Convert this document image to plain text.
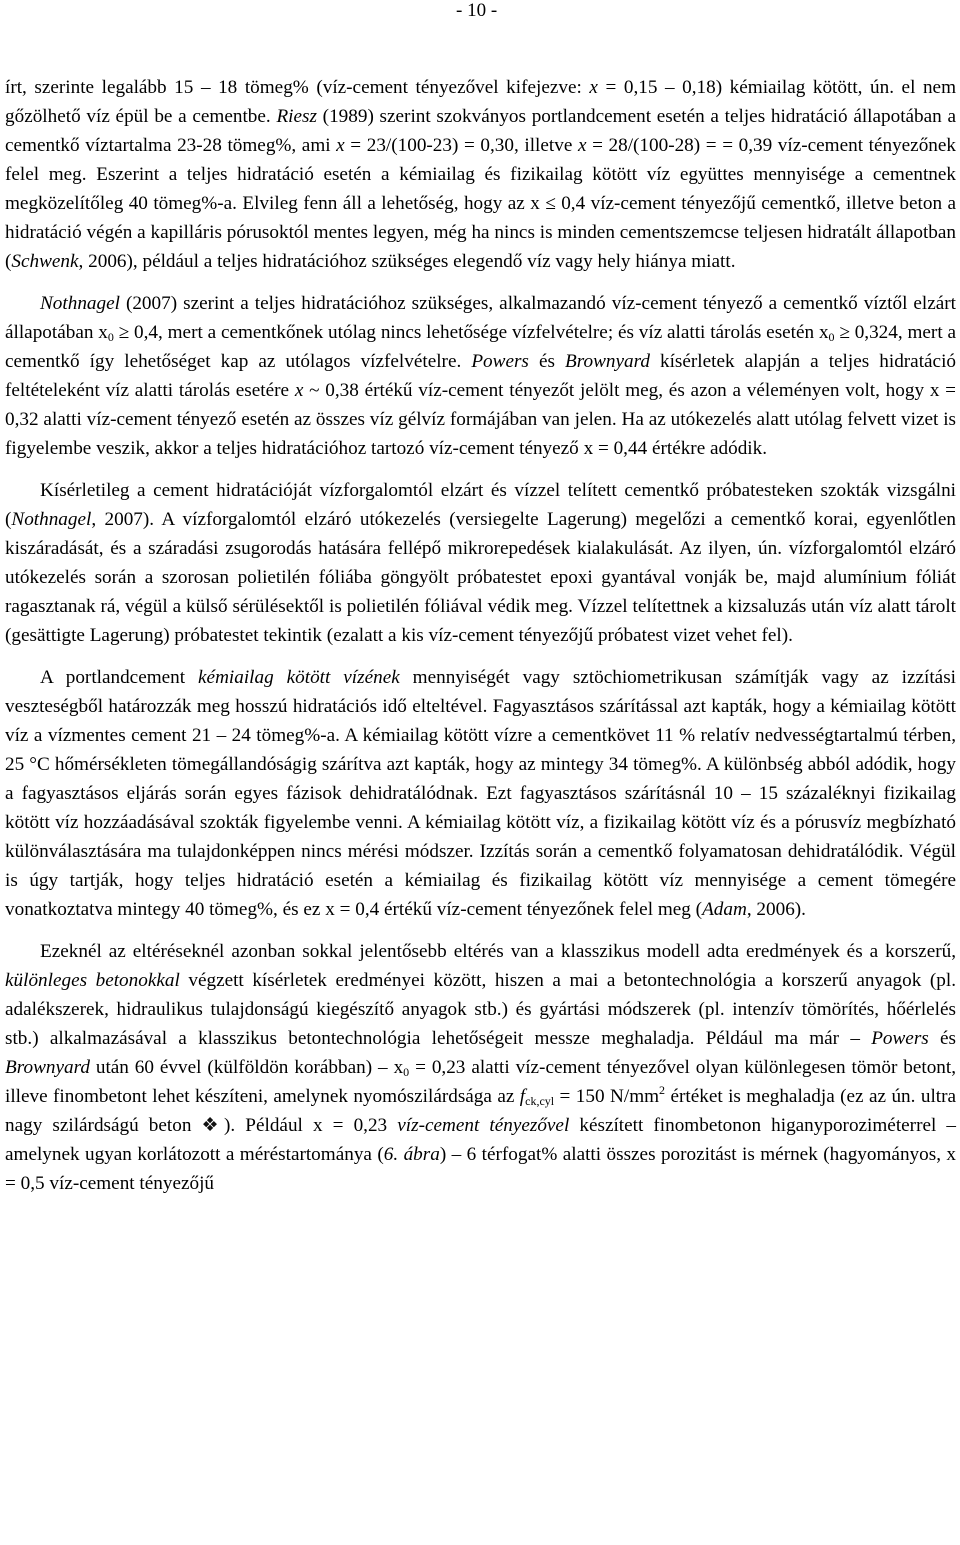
- 10 -

írt, szerinte legalább 15 – 18 tömeg% (víz-cement tényezővel kifejezve: x = 0,15 – 0,18) kémiailag kötött, ún. el nem gőzölhető víz épül be a cementbe. Riesz (1989) szerint szokványos portlandcement esetén a teljes hidratáció állapotában a cementkő víztartalma 23-28 tömeg%, ami x = 23/(100-23) = 0,30, illetve x = 28/(100-28) = = 0,39 víz-cement tényezőnek felel meg. Eszerint a teljes hidratáció esetén a kémiailag és fizikailag kötött víz együttes mennyisége a cementnek megközelítőleg 40 tömeg%-a. Elvileg fenn áll a lehetőség, hogy az x ≤ 0,4 víz-cement tényezőjű cementkő, illetve beton a hidratáció végén a kapilláris pórusoktól mentes legyen, még ha nincs is minden cementszemcse teljesen hidratált állapotban (Schwenk, 2006), például a teljes hidratációhoz szükséges elegendő víz vagy hely hiánya miatt.

Nothnagel (2007) szerint a teljes hidratációhoz szükséges, alkalmazandó víz-cement tényező a cementkő víztől elzárt állapotában $x_0 \ge 0,4$, mert a cementkőnek utólag nincs lehetősége vízfelvételre; és víz alatti tárolás esetén $x_0 \ge 0,324$, mert a cementkő így lehetőséget kap az utólagos vízfelvételre. Powers és Brownyard kísérletek alapján a teljes hidratáció feltételeként víz alatti tárolás esetére x ~ 0,38 értékű víz-cement tényezőt jelölt meg, és azon a véleményen volt, hogy x = 0,32 alatti víz-cement tényező esetén az összes víz gélvíz formájában van jelen. Ha az utókezelés alatt utólag felvett vizet is figyelembe veszik, akkor a teljes hidratációhoz tartozó víz-cement tényező x = 0,44 értékre adódik.

Kísérletileg a cement hidratációját vízforgalomtól elzárt és vízzel telített cementkő próbatesteken szokták vizsgálni (Nothnagel, 2007). A vízforgalomtól elzáró utókezelés (versiegelte Lagerung) megelőzi a cementkő korai, egyenlőtlen kiszáradását, és a száradási zsugorodás hatására fellépő mikrorepedések kialakulását. Az ilyen, ún. vízforgalomtól elzáró utókezelés során a szorosan polietilén fóliába göngyölt próbatestet epoxi gyantával vonják be, majd alumínium fóliát ragasztanak rá, végül a külső sérülésektől is polietilén fóliával védik meg. Vízzel telítettnek a kizsaluzás után víz alatt tárolt (gesättigte Lagerung) próbatestet tekintik (ezalatt a kis víz-cement tényezőjű próbatest vizet vehet fel).

A portlandcement kémiailag kötött vízének mennyiségét vagy sztöchiometrikusan számítják vagy az izzítási veszteségből határozzák meg hosszú hidratációs idő elteltével. Fagyasztásos szárítással azt kapták, hogy a kémiailag kötött víz a vízmentes cement 21 – 24 tömeg%-a. A kémiailag kötött vízre a cementkövet 11 % relatív nedvességtartalmú térben, 25 °C hőmérsékleten tömegállandóságig szárítva azt kapták, hogy az mintegy 34 tömeg%. A különbség abból adódik, hogy a fagyasztásos eljárás során egyes fázisok dehidratálódnak. Ezt fagyasztásos szárításnál 10 – 15 százaléknyi fizikailag kötött víz hozzáadásával szokták figyelembe venni. A kémiailag kötött víz, a fizikailag kötött víz és a pórusvíz megbízható különválasztására ma tulajdonképpen nincs mérési módszer. Izzítás során a cementkő folyamatosan dehidratálódik. Végül is úgy tartják, hogy teljes hidratáció esetén a kémiailag és fizikailag kötött víz mennyisége a cement tömegére vonatkoztatva mintegy 40 tömeg%, és ez x = 0,4 értékű víz-cement tényezőnek felel meg (Adam, 2006).

Ezeknél az eltéréseknél azonban sokkal jelentősebb eltérés van a klasszikus modell adta eredmények és a korszerű, különleges betonokkal végzett kísérletek eredményei között, hiszen a mai a betontechnológia a korszerű anyagok (pl. adalékszerek, hidraulikus tulajdonságú kiegészítő anyagok stb.) és gyártási módszerek (pl. intenzív tömörítés, hőérlelés stb.) alkalmazásával a klasszikus betontechnológia lehetőségeit messze meghaladja. Például ma már – Powers és Brownyard után 60 évvel (külföldön korábban) – $x_0 = 0,23$ alatti víz-cement tényezővel olyan különlegesen tömör betont, illeve finombetont lehet készíteni, amelynek nyomószilárdsága az $f_{ck,cyl} = 150$ $N/mm^2$ értéket is meghaladja (ez az ún. ultra nagy szilárdságú beton ❖). Például x = 0,23 víz-cement tényezővel készített finombetonon higanyporoziméterrel – amelynek ugyan korlátozott a méréstartománya (6. ábra) – 6 térfogat% alatti összes porozitást is mérnek (hagyományos, x = 0,5 víz-cement tényezőjű
